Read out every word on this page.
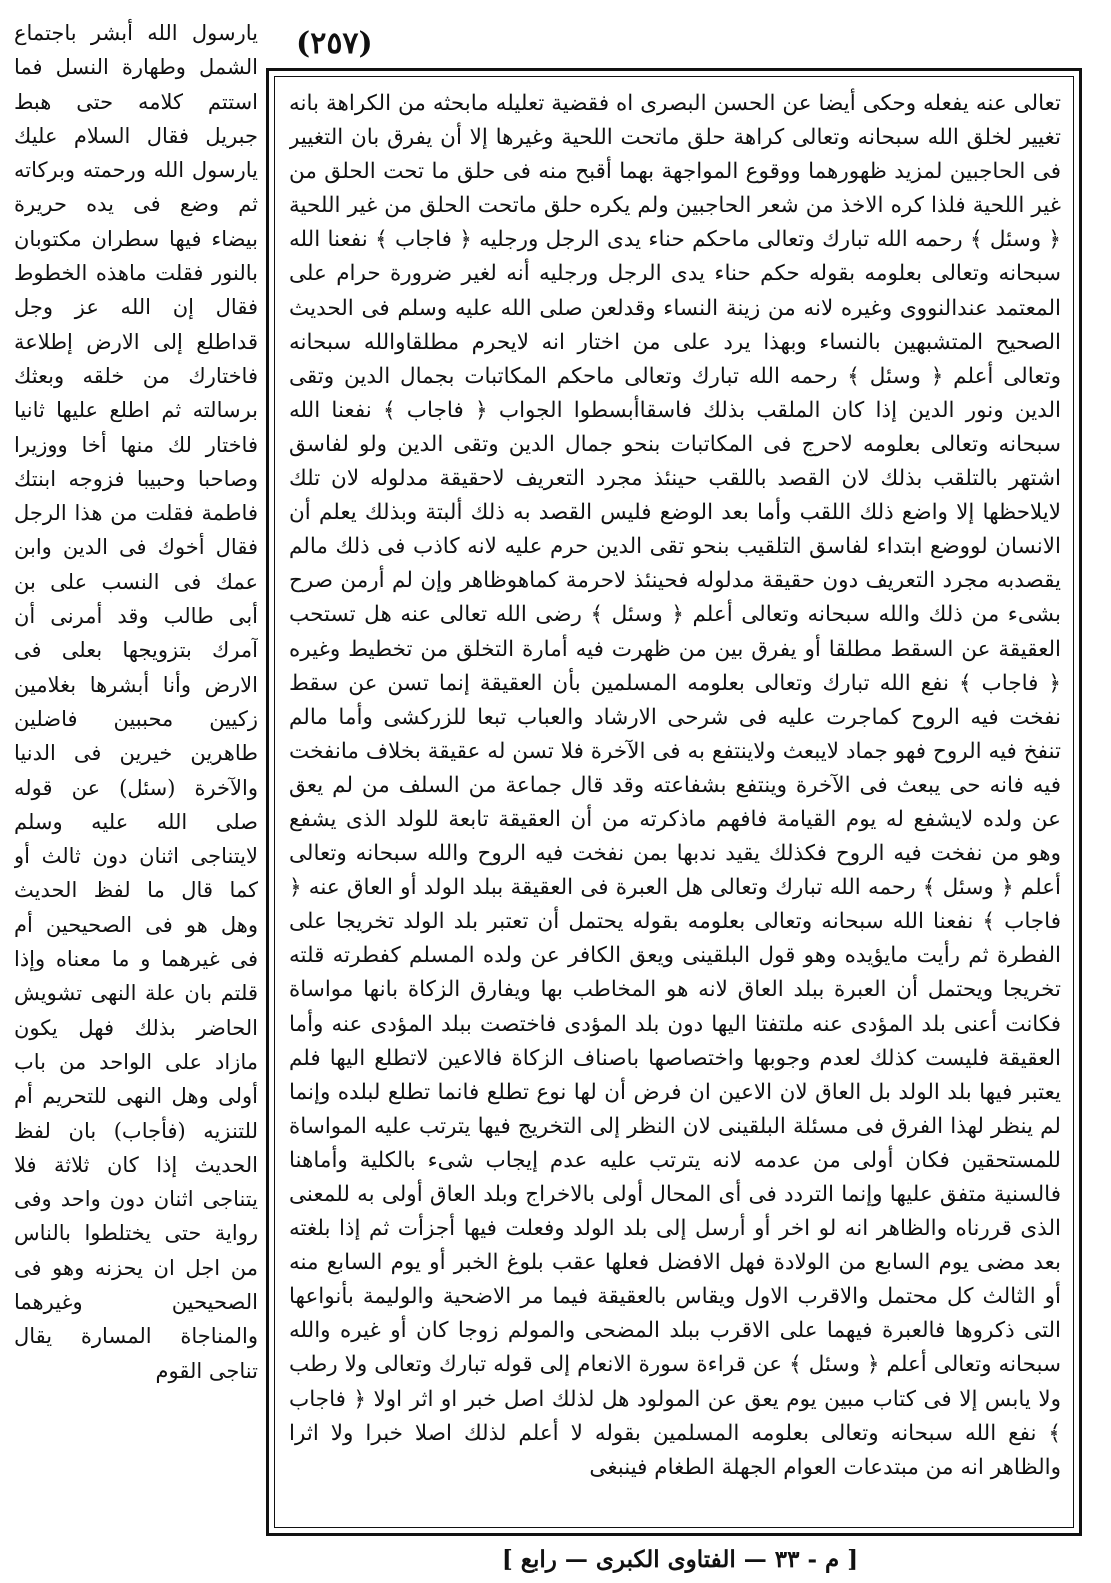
(٢٥٧)

تعالى عنه يفعله وحكى أيضا عن الحسن البصرى اه فقضية تعليله مابحثه من الكراهة بانه تغيير لخلق الله سبحانه وتعالى كراهة حلق ماتحت اللحية وغيرها إلا أن يفرق بان التغيير فى الحاجبين لمزيد ظهورهما ووقوع المواجهة بهما أقبح منه فى حلق ما تحت الحلق من غير اللحية فلذا كره الاخذ من شعر الحاجبين ولم يكره حلق ماتحت الحلق من غير اللحية ﴿ وسئل ﴾ رحمه الله تبارك وتعالى ماحكم حناء يدى الرجل ورجليه ﴿ فاجاب ﴾ نفعنا الله سبحانه وتعالى بعلومه بقوله حكم حناء يدى الرجل ورجليه أنه لغير ضرورة حرام على المعتمد عندالنووى وغيره لانه من زينة النساء وقدلعن صلى الله عليه وسلم فى الحديث الصحيح المتشبهين بالنساء وبهذا يرد على من اختار انه لايحرم مطلقاوالله سبحانه وتعالى أعلم ﴿ وسئل ﴾ رحمه الله تبارك وتعالى ماحكم المكاتبات بجمال الدين وتقى الدين ونور الدين إذا كان الملقب بذلك فاسقاأبسطوا الجواب ﴿ فاجاب ﴾ نفعنا الله سبحانه وتعالى بعلومه لاحرج فى المكاتبات بنحو جمال الدين وتقى الدين ولو لفاسق اشتهر بالتلقب بذلك لان القصد باللقب حينئذ مجرد التعريف لاحقيقة مدلوله لان تلك لايلاحظها إلا واضع ذلك اللقب وأما بعد الوضع فليس القصد به ذلك ألبتة وبذلك يعلم أن الانسان لووضع ابتداء لفاسق التلقيب بنحو تقى الدين حرم عليه لانه كاذب فى ذلك مالم يقصدبه مجرد التعريف دون حقيقة مدلوله فحينئذ لاحرمة كماهوظاهر وإن لم أرمن صرح بشىء من ذلك والله سبحانه وتعالى أعلم ﴿ وسئل ﴾ رضى الله تعالى عنه هل تستحب العقيقة عن السقط مطلقا أو يفرق بين من ظهرت فيه أمارة التخلق من تخطيط وغيره ﴿ فاجاب ﴾ نفع الله تبارك وتعالى بعلومه المسلمين بأن العقيقة إنما تسن عن سقط نفخت فيه الروح كماجرت عليه فى شرحى الارشاد والعباب تبعا للزركشى وأما مالم تنفخ فيه الروح فهو جماد لايبعث ولاينتفع به فى الآخرة فلا تسن له عقيقة بخلاف مانفخت فيه فانه حى يبعث فى الآخرة وينتفع بشفاعته وقد قال جماعة من السلف من لم يعق عن ولده لايشفع له يوم القيامة فافهم ماذكرته من أن العقيقة تابعة للولد الذى يشفع وهو من نفخت فيه الروح فكذلك يقيد ندبها بمن نفخت فيه الروح والله سبحانه وتعالى أعلم ﴿ وسئل ﴾ رحمه الله تبارك وتعالى هل العبرة فى العقيقة ببلد الولد أو العاق عنه ﴿ فاجاب ﴾ نفعنا الله سبحانه وتعالى بعلومه بقوله يحتمل أن تعتبر بلد الولد تخريجا على الفطرة ثم رأيت مايؤيده وهو قول البلقينى ويعق الكافر عن ولده المسلم كفطرته قلته تخريجا ويحتمل أن العبرة ببلد العاق لانه هو المخاطب بها ويفارق الزكاة بانها مواساة فكانت أعنى بلد المؤدى عنه ملتفتا اليها دون بلد المؤدى فاختصت ببلد المؤدى عنه وأما العقيقة فليست كذلك لعدم وجوبها واختصاصها باصناف الزكاة فالاعين لاتطلع اليها فلم يعتبر فيها بلد الولد بل العاق لان الاعين ان فرض أن لها نوع تطلع فانما تطلع لبلده وإنما لم ينظر لهذا الفرق فى مسئلة البلقينى لان النظر إلى التخريج فيها يترتب عليه المواساة للمستحقين فكان أولى من عدمه لانه يترتب عليه عدم إيجاب شىء بالكلية وأماهنا فالسنية متفق عليها وإنما التردد فى أى المحال أولى بالاخراج وبلد العاق أولى به للمعنى الذى قررناه والظاهر انه لو اخر أو أرسل إلى بلد الولد وفعلت فيها أجزأت ثم إذا بلغته بعد مضى يوم السابع من الولادة فهل الافضل فعلها عقب بلوغ الخبر أو يوم السابع منه أو الثالث كل محتمل والاقرب الاول ويقاس بالعقيقة فيما مر الاضحية والوليمة بأنواعها التى ذكروها فالعبرة فيهما على الاقرب ببلد المضحى والمولم زوجا كان أو غيره والله سبحانه وتعالى أعلم ﴿ وسئل ﴾ عن قراءة سورة الانعام إلى قوله تبارك وتعالى ولا رطب ولا يابس إلا فى كتاب مبين يوم يعق عن المولود هل لذلك اصل خبر او اثر اولا ﴿ فاجاب ﴾ نفع الله سبحانه وتعالى بعلومه المسلمين بقوله لا أعلم لذلك اصلا خبرا ولا اثرا والظاهر انه من مبتدعات العوام الجهلة الطغام فينبغى

يارسول الله أبشر باجتماع الشمل وطهارة النسل فما استتم كلامه حتى هبط جبريل فقال السلام عليك يارسول الله ورحمته وبركاته ثم وضع فى يده حريرة بيضاء فيها سطران مكتوبان بالنور فقلت ماهذه الخطوط فقال إن الله عز وجل قداطلع إلى الارض إطلاعة فاختارك من خلقه وبعثك برسالته ثم اطلع عليها ثانيا فاختار لك منها أخا ووزيرا وصاحبا وحبيبا فزوجه ابنتك فاطمة فقلت من هذا الرجل فقال أخوك فى الدين وابن عمك فى النسب على بن أبى طالب وقد أمرنى أن آمرك بتزويجها بعلى فى الارض وأنا أبشرها بغلامين زكيين محببين فاضلين طاهرين خيرين فى الدنيا والآخرة (سئل) عن قوله صلى الله عليه وسلم لايتناجى اثنان دون ثالث أو كما قال ما لفظ الحديث وهل هو فى الصحيحين أم فى غيرهما و ما معناه وإذا قلتم بان علة النهى تشويش الحاضر بذلك فهل يكون مازاد على الواحد من باب أولى وهل النهى للتحريم أم للتنزيه (فأجاب) بان لفظ الحديث إذا كان ثلاثة فلا يتناجى اثنان دون واحد وفى رواية حتى يختلطوا بالناس من اجل ان يحزنه وهو فى الصحيحين وغيرهما والمناجاة المسارة يقال تناجى القوم

[ م - ٣٣ — الفتاوى الكبرى — رابع ]
